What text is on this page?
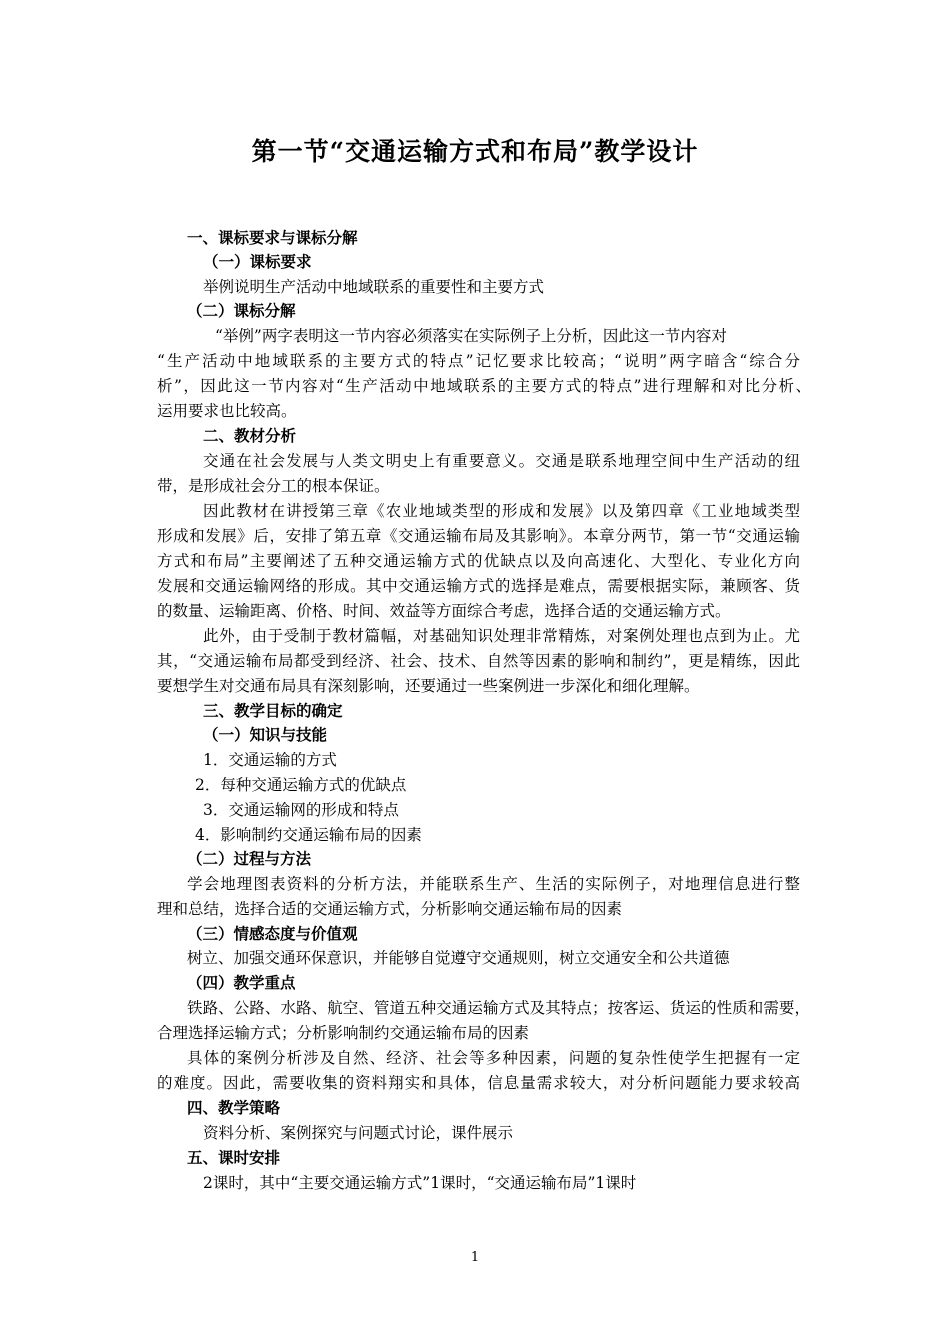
第一节“交通运输方式和布局”教学设计
一、课标要求与课标分解
（一）课标要求
举例说明生产活动中地域联系的重要性和主要方式
（二）课标分解
“举例”两字表明这一节内容必须落实在实际例子上分析，因此这一节内容对
“生产活动中地域联系的主要方式的特点”记忆要求比较高；“说明”两字暗含“综合分
析”，因此这一节内容对“生产活动中地域联系的主要方式的特点”进行理解和对比分析、
运用要求也比较高。
二、教材分析
交通在社会发展与人类文明史上有重要意义。交通是联系地理空间中生产活动的纽
带，是形成社会分工的根本保证。
因此教材在讲授第三章《农业地域类型的形成和发展》以及第四章《工业地域类型
形成和发展》后，安排了第五章《交通运输布局及其影响》。本章分两节，第一节“交通运输
方式和布局”主要阐述了五种交通运输方式的优缺点以及向高速化、大型化、专业化方向
发展和交通运输网络的形成。其中交通运输方式的选择是难点，需要根据实际，兼顾客、货
的数量、运输距离、价格、时间、效益等方面综合考虑，选择合适的交通运输方式。
此外，由于受制于教材篇幅，对基础知识处理非常精炼，对案例处理也点到为止。尤
其，“交通运输布局都受到经济、社会、技术、自然等因素的影响和制约”，更是精练，因此
要想学生对交通布局具有深刻影响，还要通过一些案例进一步深化和细化理解。
三、教学目标的确定
（一）知识与技能
1．交通运输的方式
2．每种交通运输方式的优缺点
3．交通运输网的形成和特点
4．影响制约交通运输布局的因素
（二）过程与方法
学会地理图表资料的分析方法，并能联系生产、生活的实际例子，对地理信息进行整
理和总结，选择合适的交通运输方式，分析影响交通运输布局的因素
（三）情感态度与价值观
树立、加强交通环保意识，并能够自觉遵守交通规则，树立交通安全和公共道德
（四）教学重点
铁路、公路、水路、航空、管道五种交通运输方式及其特点；按客运、货运的性质和需要，
合理选择运输方式；分析影响制约交通运输布局的因素
具体的案例分析涉及自然、经济、社会等多种因素，问题的复杂性使学生把握有一定
的难度。因此，需要收集的资料翔实和具体，信息量需求较大，对分析问题能力要求较高
四、教学策略
资料分析、案例探究与问题式讨论，课件展示
五、课时安排
2课时，其中“主要交通运输方式”1课时，“交通运输布局”1课时
1
